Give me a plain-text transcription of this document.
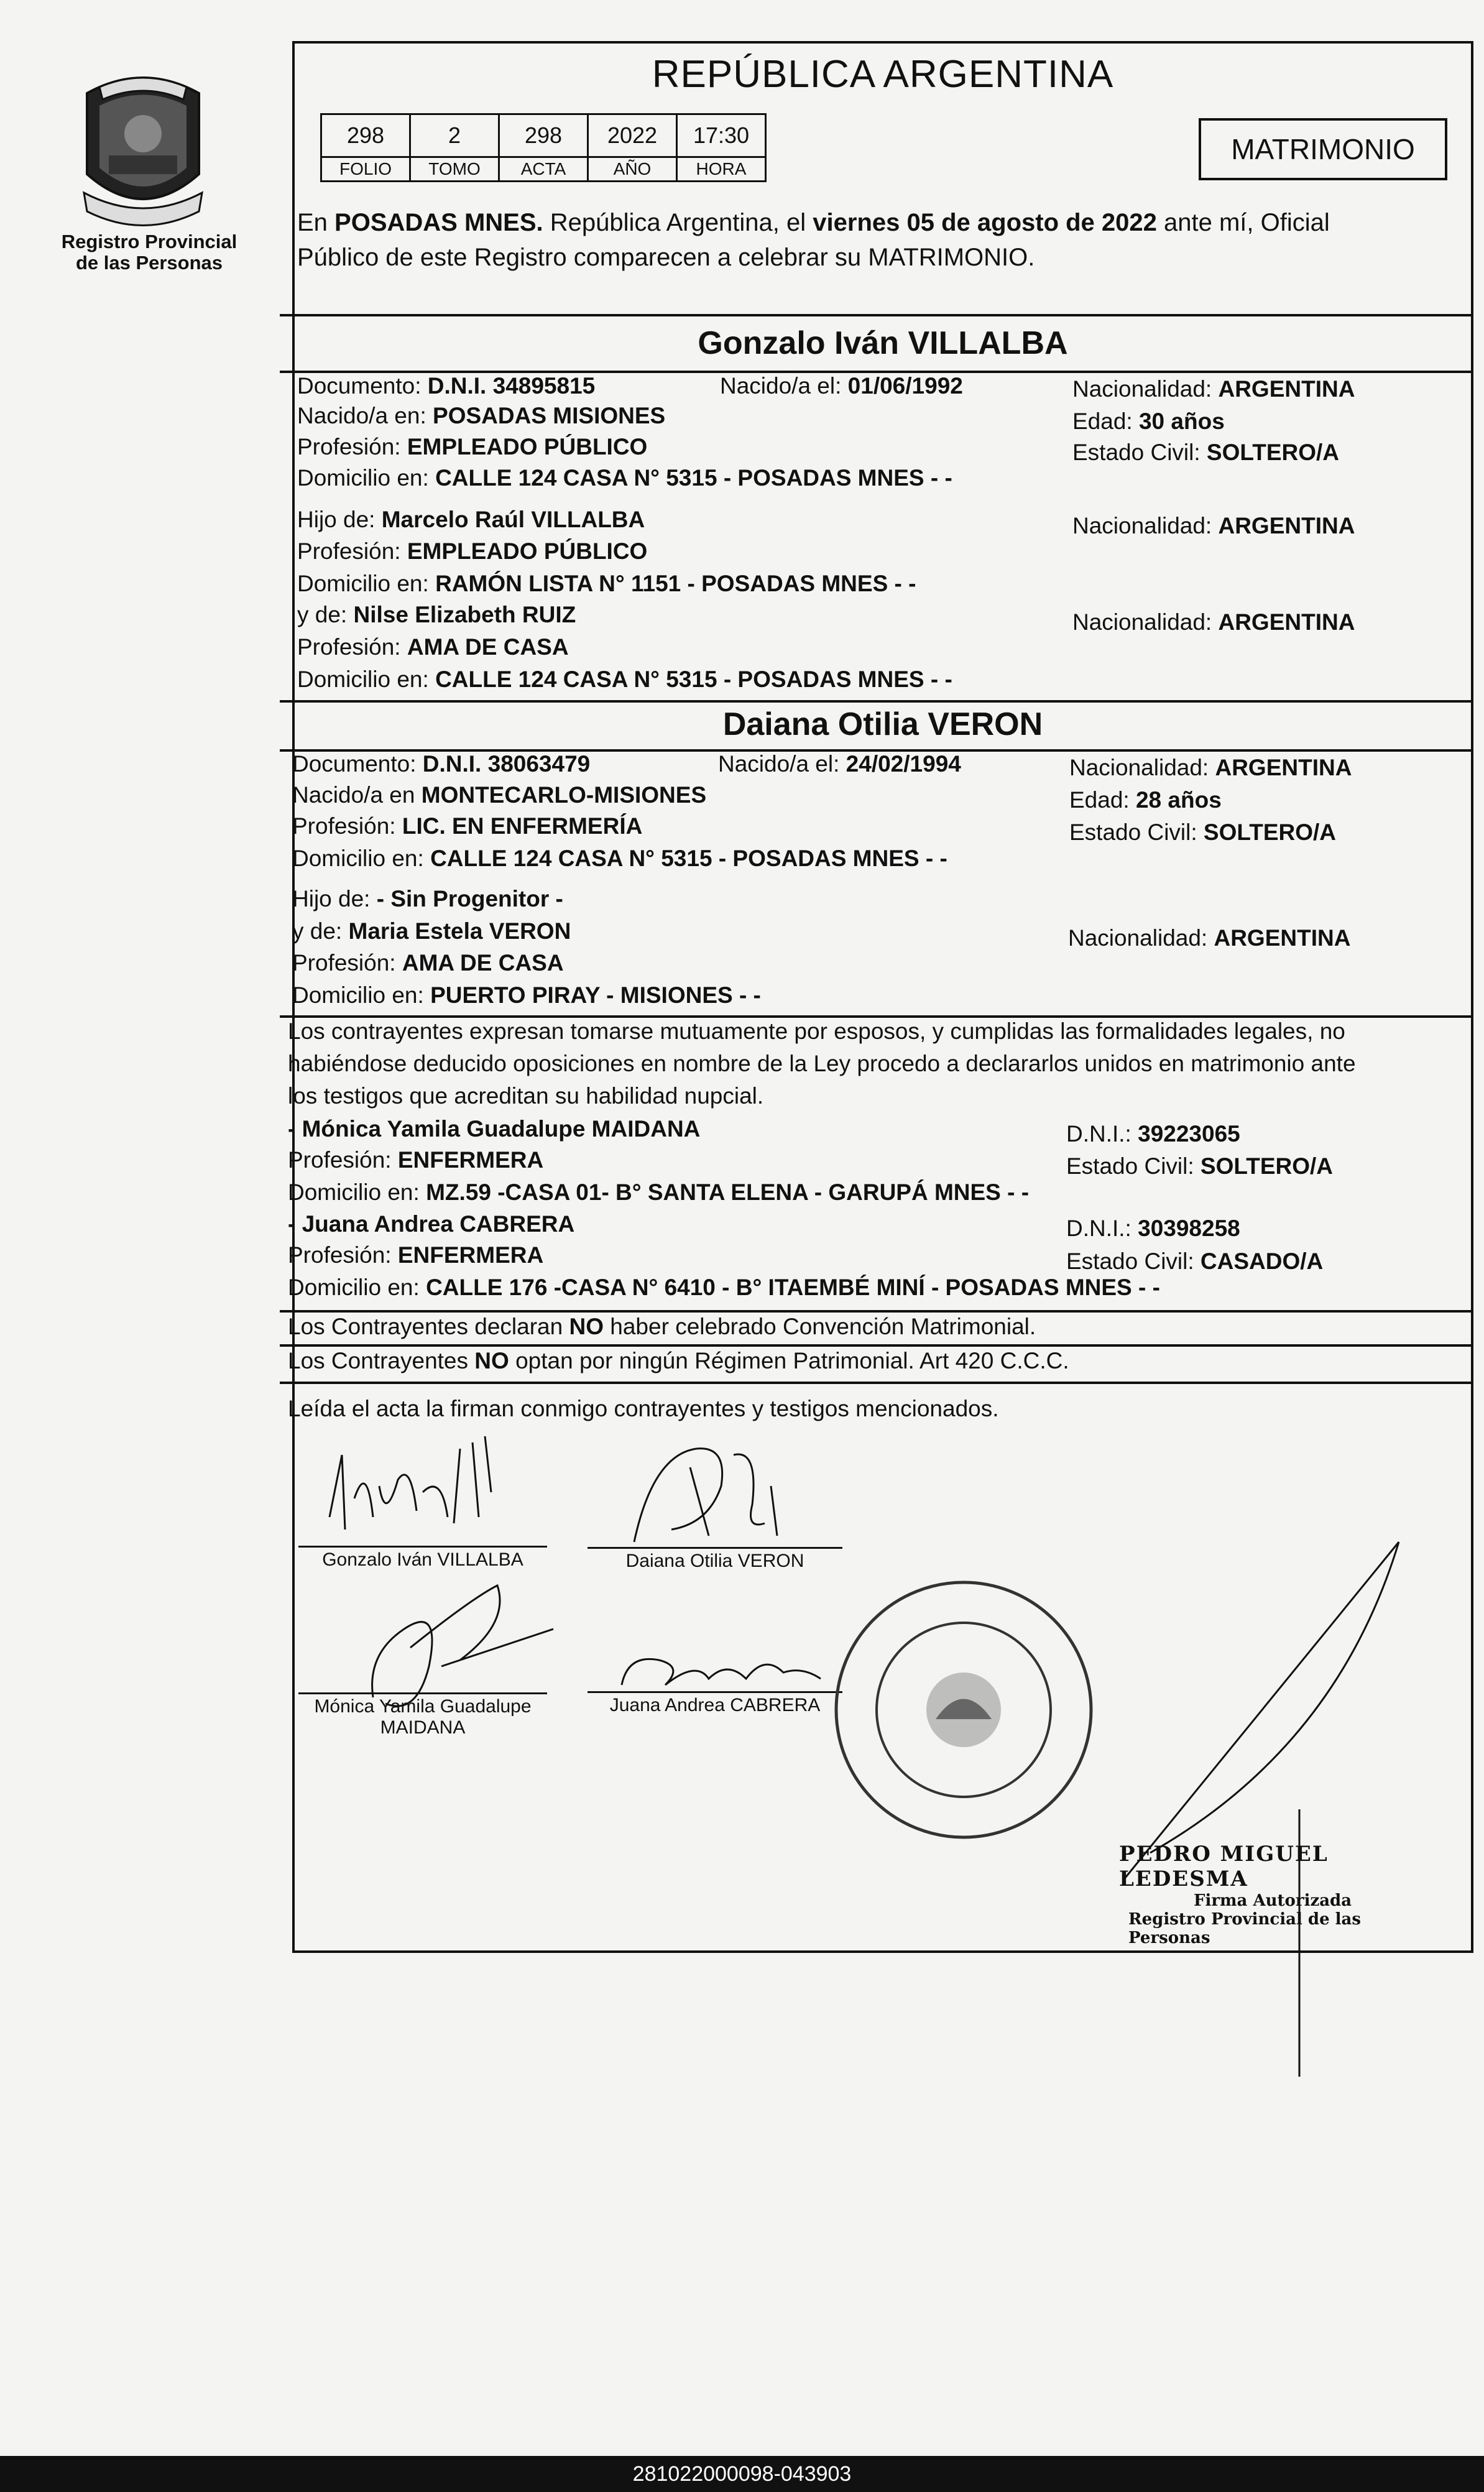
Registro Provincial
de las Personas
REPÚBLICA ARGENTINA
298	2	298	2022	17:30
FOLIO	TOMO	ACTA	AÑO	HORA
MATRIMONIO
En POSADAS MNES. República Argentina, el viernes 05 de agosto de 2022 ante mí, Oficial
Público de este Registro comparecen a celebrar su MATRIMONIO.
Gonzalo Iván VILLALBA
Documento: D.N.I. 34895815	Nacido/a el: 01/06/1992	Nacionalidad: ARGENTINA
Nacido/a en: POSADAS MISIONES	Edad: 30 años
Profesión: EMPLEADO PÚBLICO	Estado Civil: SOLTERO/A
Domicilio en: CALLE 124 CASA N° 5315 - POSADAS MNES - -
Hijo de: Marcelo Raúl VILLALBA	Nacionalidad: ARGENTINA
Profesión: EMPLEADO PÚBLICO
Domicilio en: RAMÓN LISTA N° 1151 - POSADAS MNES - -
y de: Nilse Elizabeth RUIZ	Nacionalidad: ARGENTINA
Profesión: AMA DE CASA
Domicilio en: CALLE 124 CASA N° 5315 - POSADAS MNES - -
Daiana Otilia VERON
Documento: D.N.I. 38063479	Nacido/a el: 24/02/1994	Nacionalidad: ARGENTINA
Nacido/a en MONTECARLO-MISIONES	Edad: 28 años
Profesión: LIC. EN ENFERMERÍA	Estado Civil: SOLTERO/A
Domicilio en: CALLE 124 CASA N° 5315 - POSADAS MNES - -
Hijo de: - Sin Progenitor -
y de: Maria Estela VERON	Nacionalidad: ARGENTINA
Profesión: AMA DE CASA
Domicilio en: PUERTO PIRAY - MISIONES - -
Los contrayentes expresan tomarse mutuamente por esposos, y cumplidas las formalidades legales, no
habiéndose deducido oposiciones en nombre de la Ley procedo a declararlos unidos en matrimonio ante
los testigos que acreditan su habilidad nupcial.
- Mónica Yamila Guadalupe MAIDANA	D.N.I.: 39223065
Profesión: ENFERMERA	Estado Civil: SOLTERO/A
Domicilio en: MZ.59 -CASA 01- B° SANTA ELENA - GARUPÁ MNES - -
- Juana Andrea CABRERA	D.N.I.: 30398258
Profesión: ENFERMERA	Estado Civil: CASADO/A
Domicilio en: CALLE 176 -CASA N° 6410 - B° ITAEMBÉ MINÍ - POSADAS MNES - -
Los Contrayentes declaran NO haber celebrado Convención Matrimonial.
Los Contrayentes NO optan por ningún Régimen Patrimonial. Art 420 C.C.C.
Leída el acta la firman conmigo contrayentes y testigos mencionados.
Gonzalo Iván VILLALBA	Daiana Otilia VERON
Mónica Yamila Guadalupe
MAIDANA
Juana Andrea CABRERA
PEDRO MIGUEL LEDESMA
Firma Autorizada
Registro Provincial de las Personas
281022000098-043903
